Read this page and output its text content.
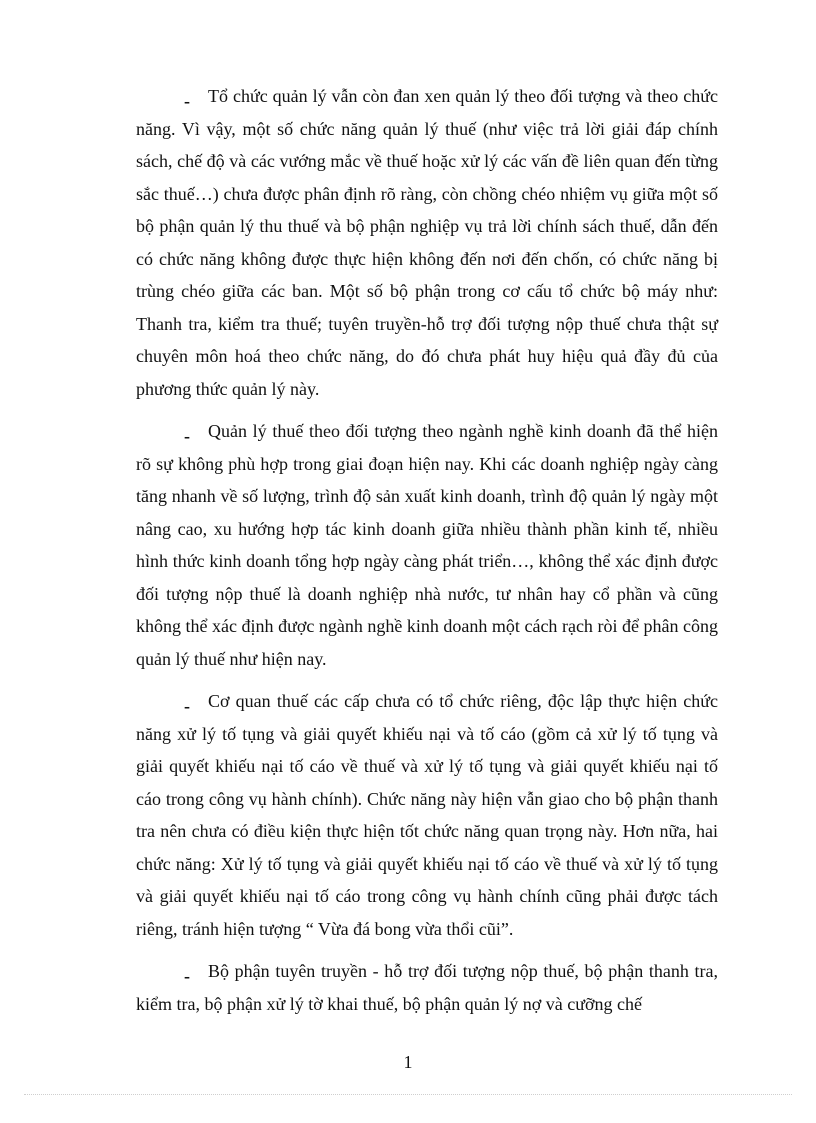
- Tổ chức quản lý vẫn còn đan xen quản lý theo đối tượng và theo chức năng. Vì vậy, một số chức năng quản lý thuế (như việc trả lời giải đáp chính sách, chế độ và các vướng mắc về thuế hoặc xử lý các vấn đề liên quan đến từng sắc thuế…) chưa được phân định rõ ràng, còn chồng chéo nhiệm vụ giữa một số bộ phận quản lý thu thuế và bộ phận nghiệp vụ trả lời chính sách thuế, dẫn đến có chức năng không được thực hiện không đến nơi đến chốn, có chức năng bị trùng chéo giữa các ban. Một số bộ phận trong cơ cấu tổ chức bộ máy như: Thanh tra, kiểm tra thuế; tuyên truyền-hỗ trợ đối tượng nộp thuế chưa thật sự chuyên môn hoá theo chức năng, do đó chưa phát huy hiệu quả đầy đủ của phương thức quản lý này.

- Quản lý thuế theo đối tượng theo ngành nghề kinh doanh đã thể hiện rõ sự không phù hợp trong giai đoạn hiện nay. Khi các doanh nghiệp ngày càng tăng nhanh về số lượng, trình độ sản xuất kinh doanh, trình độ quản lý ngày một nâng cao, xu hướng hợp tác kinh doanh giữa nhiều thành phần kinh tế, nhiều hình thức kinh doanh tổng hợp ngày càng phát triển…, không thể xác định được đối tượng nộp thuế là doanh nghiệp nhà nước, tư nhân hay cổ phần và cũng không thể xác định được ngành nghề kinh doanh một cách rạch ròi để phân công quản lý thuế như hiện nay.

- Cơ quan thuế các cấp chưa có tổ chức riêng, độc lập thực hiện chức năng xử lý tố tụng và giải quyết khiếu nại và tố cáo (gồm cả xử lý tố tụng và giải quyết khiếu nại tố cáo về thuế và xử lý tố tụng và giải quyết khiếu nại tố cáo trong công vụ hành chính). Chức năng này hiện vẫn giao cho bộ phận thanh tra nên chưa có điều kiện thực hiện tốt chức năng quan trọng này. Hơn nữa, hai chức năng: Xử lý tố tụng và giải quyết khiếu nại tố cáo về thuế và xử lý tố tụng và giải quyết khiếu nại tố cáo trong công vụ hành chính cũng phải được tách riêng, tránh hiện tượng “ Vừa đá bong vừa thổi cũi”.

- Bộ phận tuyên truyền - hỗ trợ đối tượng nộp thuế, bộ phận thanh tra, kiểm tra, bộ phận xử lý tờ khai thuế, bộ phận quản lý nợ và cưỡng chế

1
